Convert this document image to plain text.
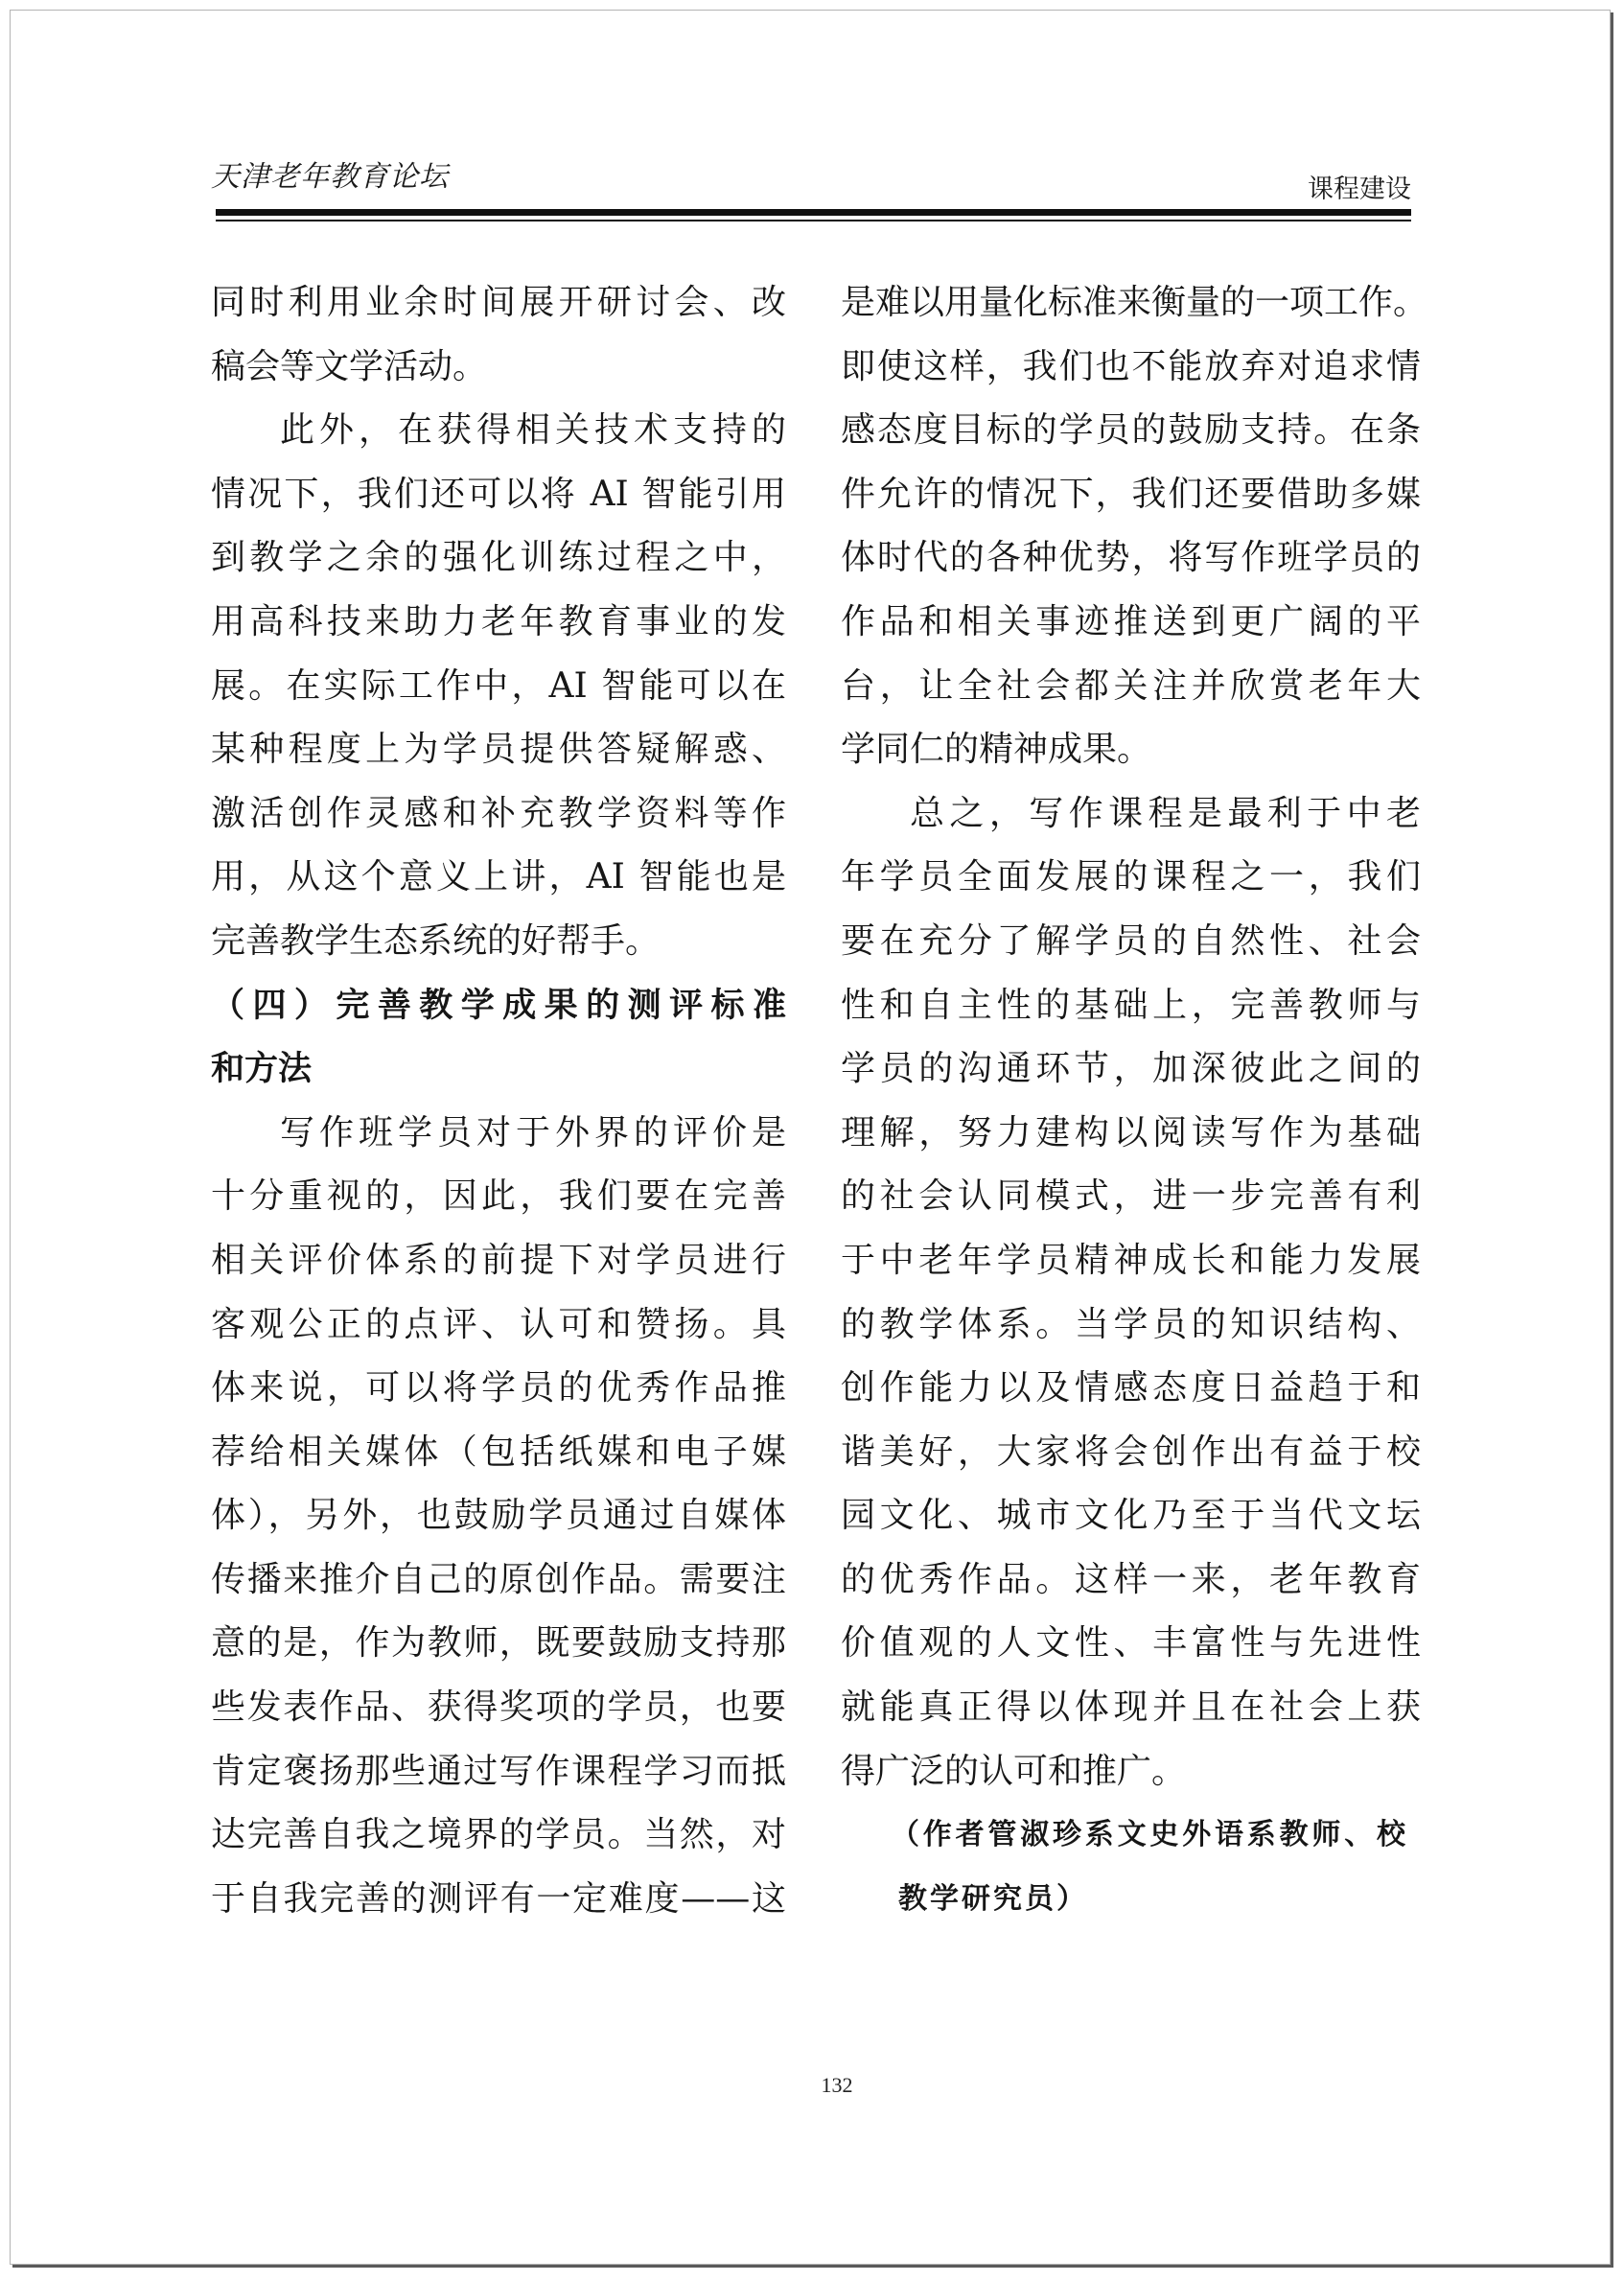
天津老年教育论坛	课程建设
同时利用业余时间展开研讨会、改
稿会等文学活动。
此外，在获得相关技术支持的
情况下，我们还可以将 AI 智能引用
到教学之余的强化训练过程之中，
用高科技来助力老年教育事业的发
展。在实际工作中，AI 智能可以在
某种程度上为学员提供答疑解惑、
激活创作灵感和补充教学资料等作
用，从这个意义上讲，AI 智能也是
完善教学生态系统的好帮手。
（四）完善教学成果的测评标准
和方法
写作班学员对于外界的评价是
十分重视的，因此，我们要在完善
相关评价体系的前提下对学员进行
客观公正的点评、认可和赞扬。具
体来说，可以将学员的优秀作品推
荐给相关媒体（包括纸媒和电子媒
体），另外，也鼓励学员通过自媒体
传播来推介自己的原创作品。需要注
意的是，作为教师，既要鼓励支持那
些发表作品、获得奖项的学员，也要
肯定褒扬那些通过写作课程学习而抵
达完善自我之境界的学员。当然，对
于自我完善的测评有一定难度——这
是难以用量化标准来衡量的一项工作。
即使这样，我们也不能放弃对追求情
感态度目标的学员的鼓励支持。在条
件允许的情况下，我们还要借助多媒
体时代的各种优势，将写作班学员的
作品和相关事迹推送到更广阔的平
台，让全社会都关注并欣赏老年大
学同仁的精神成果。
总之，写作课程是最利于中老
年学员全面发展的课程之一，我们
要在充分了解学员的自然性、社会
性和自主性的基础上，完善教师与
学员的沟通环节，加深彼此之间的
理解，努力建构以阅读写作为基础
的社会认同模式，进一步完善有利
于中老年学员精神成长和能力发展
的教学体系。当学员的知识结构、
创作能力以及情感态度日益趋于和
谐美好，大家将会创作出有益于校
园文化、城市文化乃至于当代文坛
的优秀作品。这样一来，老年教育
价值观的人文性、丰富性与先进性
就能真正得以体现并且在社会上获
得广泛的认可和推广。
（作者管淑珍系文史外语系教师、校
教学研究员）
132
